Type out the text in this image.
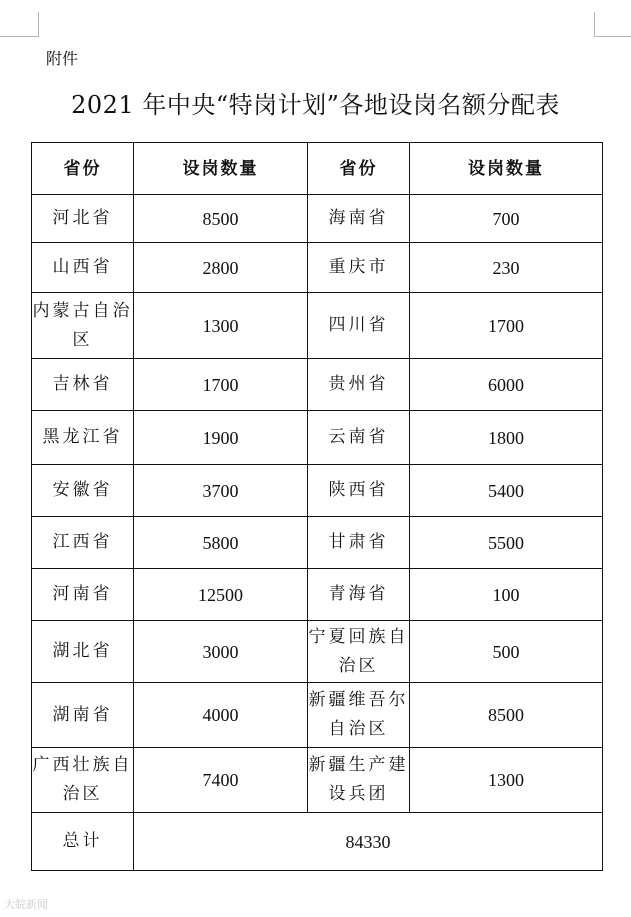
附件
2021 年中央“特岗计划”各地设岗名额分配表
省份	设岗数量	省份	设岗数量
河北省	8500	海南省	700
山西省	2800	重庆市	230
内蒙古自治区	1300	四川省	1700
吉林省	1700	贵州省	6000
黑龙江省	1900	云南省	1800
安徽省	3700	陕西省	5400
江西省	5800	甘肃省	5500
河南省	12500	青海省	100
湖北省	3000	宁夏回族自治区	500
湖南省	4000	新疆维吾尔自治区	8500
广西壮族自治区	7400	新疆生产建设兵团	1300
总计	84330		
大皖新闻
